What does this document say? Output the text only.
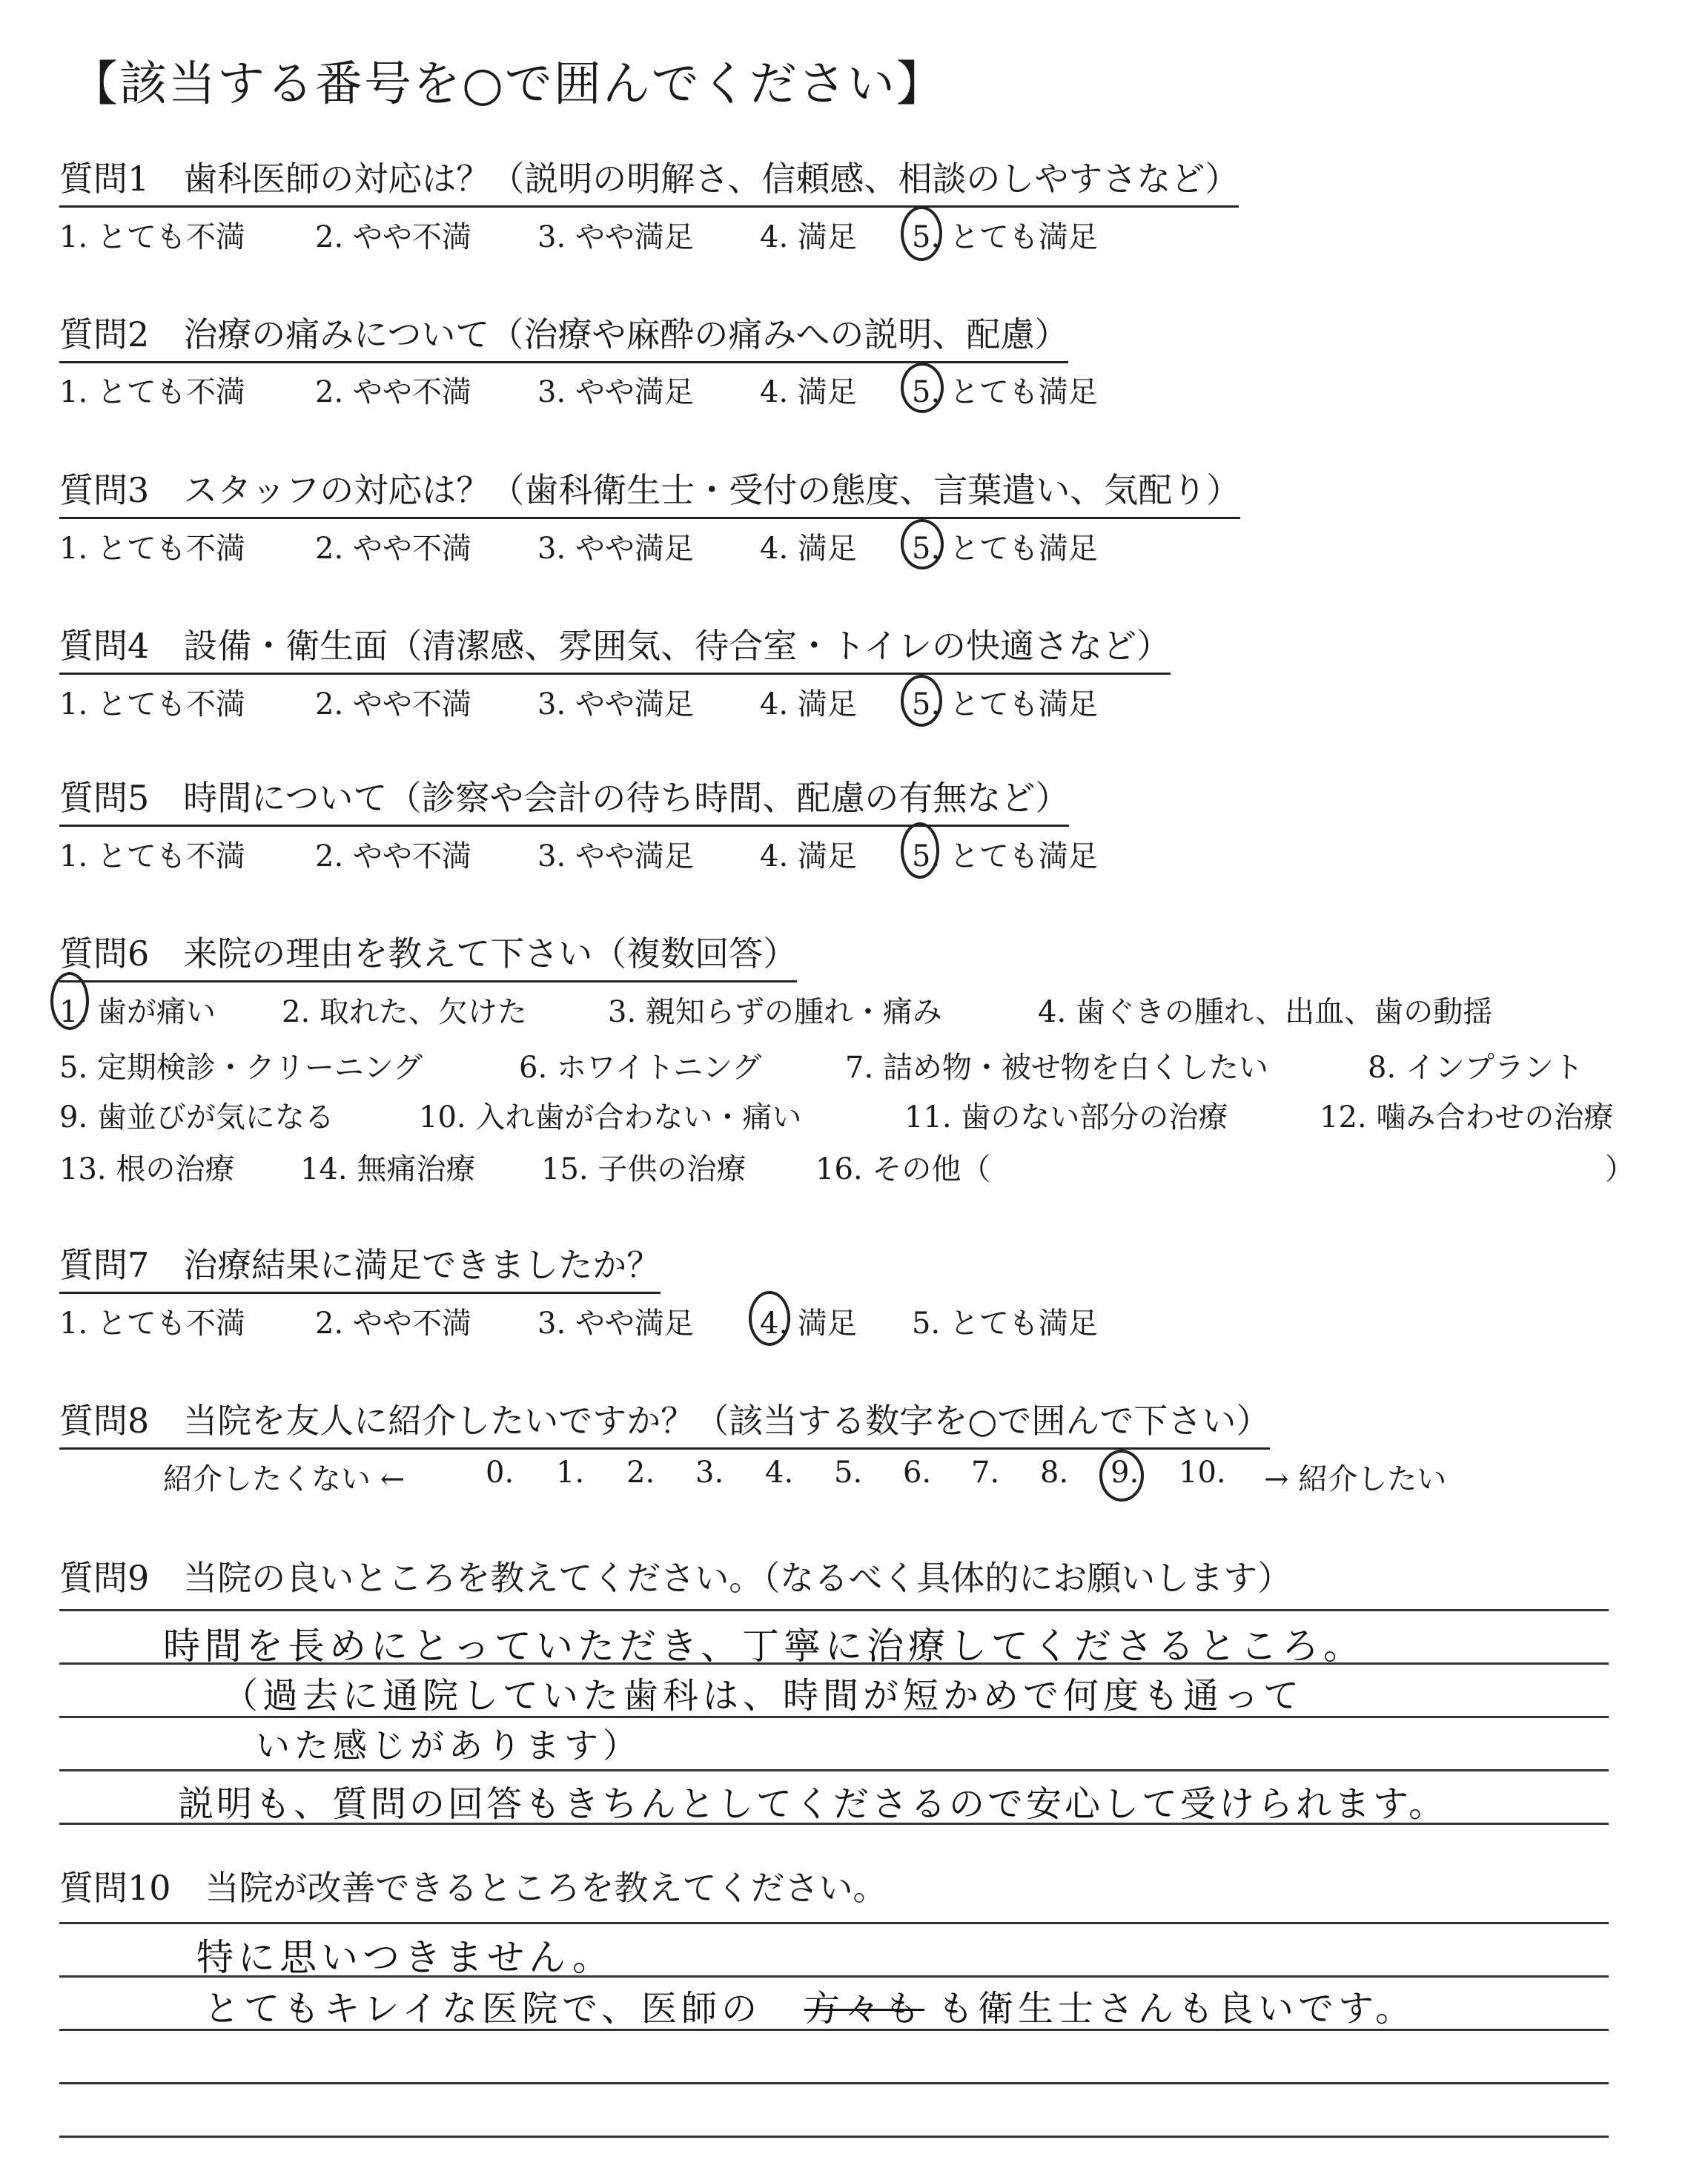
【該当する番号を○で囲んでください】
質問1　歯科医師の対応は？（説明の明解さ、信頼感、相談のしやすさなど）
1. とても不満 2. やや不満 3. やや満足 4. 満足 5. とても満足
質問2　治療の痛みについて（治療や麻酔の痛みへの説明、配慮）
1. とても不満 2. やや不満 3. やや満足 4. 満足 5. とても満足
質問3　スタッフの対応は？（歯科衛生士・受付の態度、言葉遣い、気配り）
1. とても不満 2. やや不満 3. やや満足 4. 満足 5. とても満足
質問4　設備・衛生面（清潔感、雰囲気、待合室・トイレの快適さなど）
1. とても不満 2. やや不満 3. やや満足 4. 満足 5. とても満足
質問5　時間について（診察や会計の待ち時間、配慮の有無など）
1. とても不満 2. やや不満 3. やや満足 4. 満足 5. とても満足
質問6　来院の理由を教えて下さい（複数回答）
1. 歯が痛い 2. 取れた、欠けた	3. 親知らずの腫れ・痛み	4. 歯ぐきの腫れ、出血、歯の動揺
5. 定期検診・クリーニング	6. ホワイトニング	7. 詰め物・被せ物を白くしたい	8. インプラント
9. 歯並びが気になる	10. 入れ歯が合わない・痛い	11. 歯のない部分の治療	12. 噛み合わせの治療
13. 根の治療 14. 無痛治療 15. 子供の治療 16. その他（	）
質問7　治療結果に満足できましたか？
1. とても不満 2. やや不満 3. やや満足 4. 満足 5. とても満足
質問8　当院を友人に紹介したいですか？（該当する数字を○で囲んで下さい）
紹介したくない ←	0. 1. 2. 3. 4. 5. 6. 7. 8. 9. 10. → 紹介したい
質問9　当院の良いところを教えてください。（なるべく具体的にお願いします）
時間を長めにとっていただき、丁寧に治療してくださるところ。
（過去に通院していた歯科は、時間が短かめで何度も通って
いた感じがあります）
説明も、質問の回答もきちんとしてくださるので安心して受けられます。
質問10　当院が改善できるところを教えてください。
特に思いつきません。
とてもキレイな医院で、医師の 方々も も衛生士さんも良いです。
